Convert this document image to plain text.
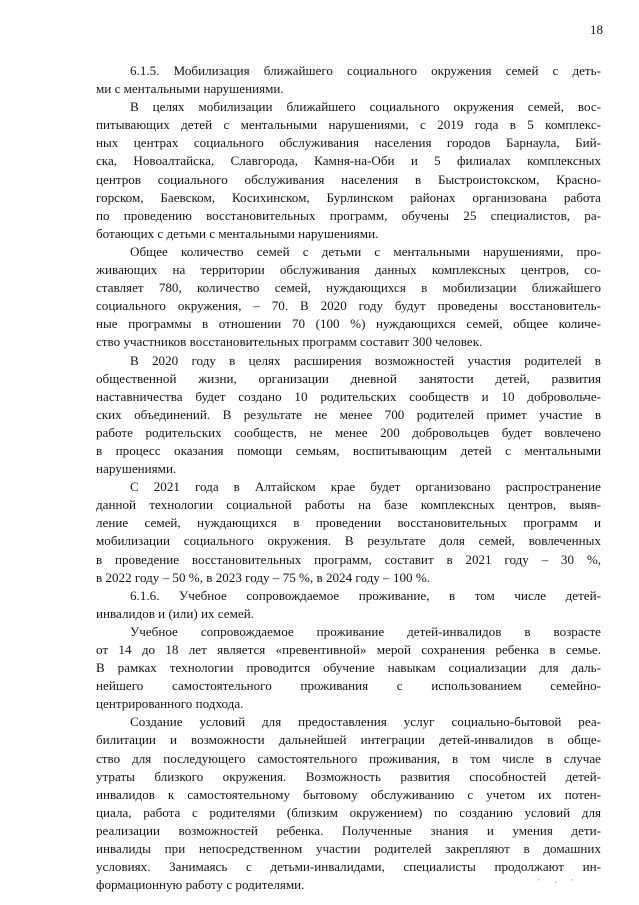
18
6.1.5. Мобилизация ближайшего социального окружения семей с деть-
ми с ментальными нарушениями.
В целях мобилизации ближайшего социального окружения семей, вос-
питывающих детей с ментальными нарушениями, с 2019 года в 5 комплекс-
ных центрах социального обслуживания населения городов Барнаула, Бий-
ска, Новоалтайска, Славгорода, Камня-на-Оби и 5 филиалах комплексных
центров социального обслуживания населения в Быстроистокском, Красно-
горском, Баевском, Косихинском, Бурлинском районах организована работа
по проведению восстановительных программ, обучены 25 специалистов, ра-
ботающих с детьми с ментальными нарушениями.
Общее количество семей с детьми с ментальными нарушениями, про-
живающих на территории обслуживания данных комплексных центров, со-
ставляет 780, количество семей, нуждающихся в мобилизации ближайшего
социального окружения, – 70. В 2020 году будут проведены восстановитель-
ные программы в отношении 70 (100 %) нуждающихся семей, общее количе-
ство участников восстановительных программ составит 300 человек.
В 2020 году в целях расширения возможностей участия родителей в
общественной жизни, организации дневной занятости детей, развития
наставничества будет создано 10 родительских сообществ и 10 добровольче-
ских объединений. В результате не менее 700 родителей примет участие в
работе родительских сообществ, не менее 200 добровольцев будет вовлечено
в процесс оказания помощи семьям, воспитывающим детей с ментальными
нарушениями.
С 2021 года в Алтайском крае будет организовано распространение
данной технологии социальной работы на базе комплексных центров, выяв-
ление семей, нуждающихся в проведении восстановительных программ и
мобилизации социального окружения. В результате доля семей, вовлеченных
в проведение восстановительных программ, составит в 2021 году – 30 %,
в 2022 году – 50 %, в 2023 году – 75 %, в 2024 году – 100 %.
6.1.6. Учебное сопровождаемое проживание, в том числе детей-
инвалидов и (или) их семей.
Учебное сопровождаемое проживание детей-инвалидов в возрасте
от 14 до 18 лет является «превентивной» мерой сохранения ребенка в семье.
В рамках технологии проводится обучение навыкам социализации для даль-
нейшего самостоятельного проживания с использованием семейно-
центрированного подхода.
Создание условий для предоставления услуг социально-бытовой реа-
билитации и возможности дальнейшей интеграции детей-инвалидов в обще-
ство для последующего самостоятельного проживания, в том числе в случае
утраты близкого окружения. Возможность развития способностей детей-
инвалидов к самостоятельному бытовому обслуживанию с учетом их потен-
циала, работа с родителями (близким окружением) по созданию условий для
реализации возможностей ребенка. Полученные знания и умения дети-
инвалиды при непосредственном участии родителей закрепляют в домашних
условиях. Занимаясь с детьми-инвалидами, специалисты продолжают ин-
формационную работу с родителями.	· . ·
